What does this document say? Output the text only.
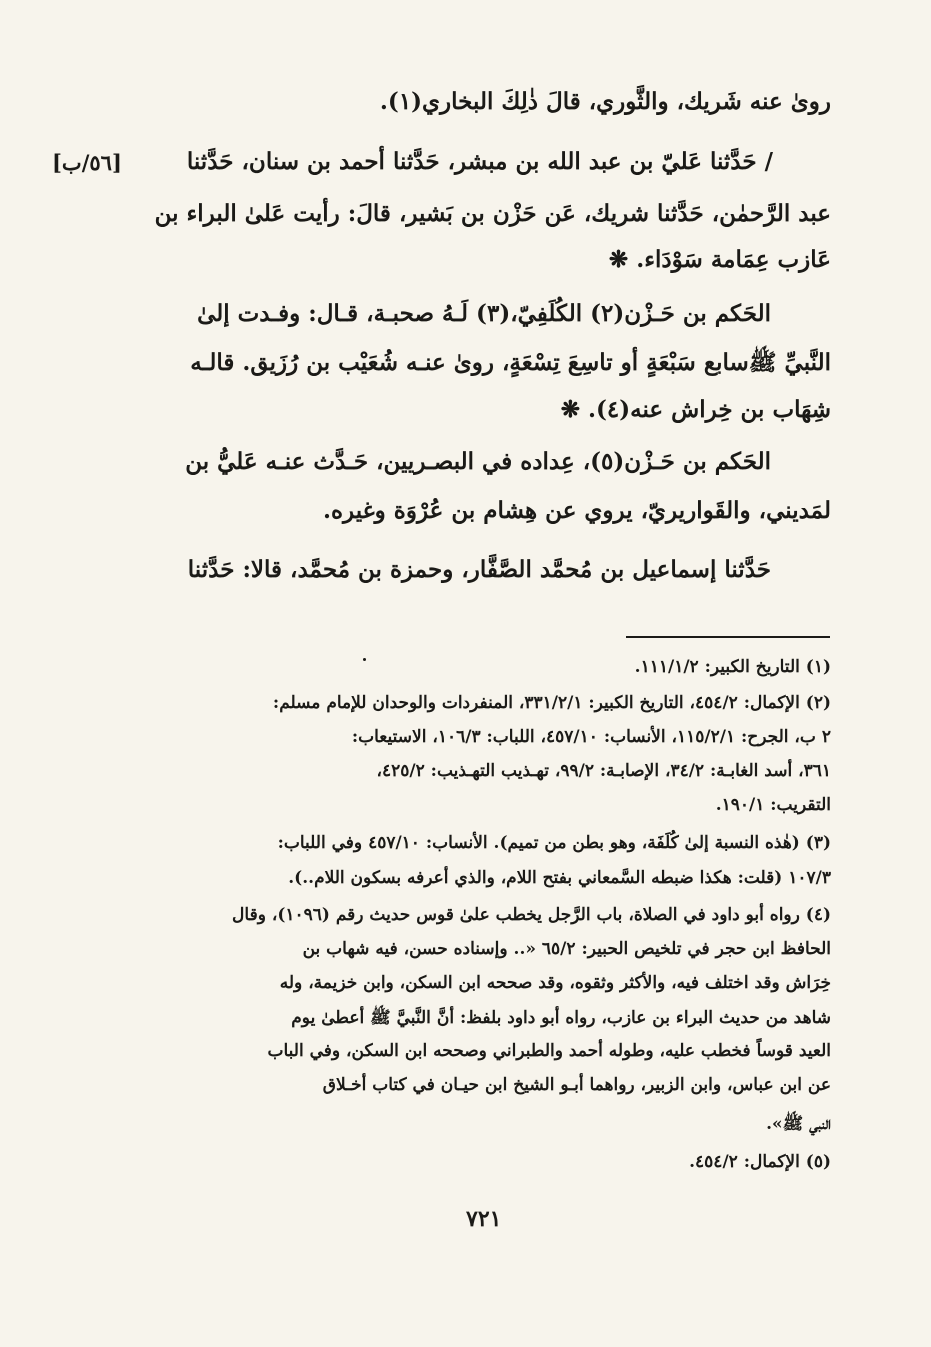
رویٰ عنه شَريك، والثَّوري، قالَ ذٰلِكَ البخاري(١).
/ حَدَّثنا عَليّ بن عبد الله بن مبشر، حَدَّثنا أحمد بن سنان، حَدَّثنا
[٥٦/ب]
عبد الرَّحمٰن، حَدَّثنا شريك، عَن حَزْن بن بَشير، قالَ: رأيت عَلىٰ البراء بن
عَازب عِمَامة سَوْدَاء. ❋
الحَكم بن حَـزْن(٢) الكُلَفِيّ،(٣) لَـهُ صحبـة، قـال: وفـدت إلىٰ
النَّبيِّ ﷺسابع سَبْعَةٍ أو تاسِعَ تِسْعَةٍ، روىٰ عنـه شُعَيْب بن رُزَيق. قالـه
شِهَاب بن خِراش عنه(٤). ❋
الحَكم بن حَـزْن(٥)، عِداده في البصـريين، حَـدَّث عنـه عَليُّ بن
لمَديني، والقَواريريّ، يروي عن هِشام بن عُرْوَة وغيره.
حَدَّثنا إسماعيل بن مُحمَّد الصَّفَّار، وحمزة بن مُحمَّد، قالا: حَدَّثنا
(١) التاريخ الكبير: ١١١/١/٢.
(٢) الإكمال: ٤٥٤/٢، التاريخ الكبير: ٣٣١/٢/١، المنفردات والوحدان للإمام مسلم:
٢ ب، الجرح: ١١٥/٢/١، الأنساب: ٤٥٧/١٠، اللباب: ١٠٦/٣، الاستيعاب:
٣٦١، أسد الغابـة: ٣٤/٢، الإصابـة: ٩٩/٢، تهـذيب التهـذيب: ٤٢٥/٢،
التقريب: ١٩٠/١.
(٣) (هٰذه النسبة إلىٰ كُلَفَة، وهو بطن من تميم). الأنساب: ٤٥٧/١٠ وفي اللباب:
١٠٧/٣ (قلت: هكذا ضبطه السَّمعاني بفتح اللام، والذي أعرفه بسكون اللام..).
(٤) رواه أبو داود في الصلاة، باب الرَّجل يخطب علىٰ قوس حديث رقم (١٠٩٦)، وقال
الحافظ ابن حجر في تلخيص الحبير: ٦٥/٢ «.. وإسناده حسن، فيه شهاب بن
خِرَاش وقد اختلف فيه، والأكثر وثقوه، وقد صححه ابن السكن، وابن خزيمة، وله
شاهد من حديث البراء بن عازب، رواه أبو داود بلفظ: أنَّ النَّبيَّ ﷺ أعطىٰ يوم
العيد قوساً فخطب عليه، وطوله أحمد والطبراني وصححه ابن السكن، وفي الباب
عن ابن عباس، وابن الزبير، رواهما أبـو الشيخ ابن حيـان في كتاب أخـلاق
النبي ﷺ».
(٥) الإكمال: ٤٥٤/٢.
٧٢١
